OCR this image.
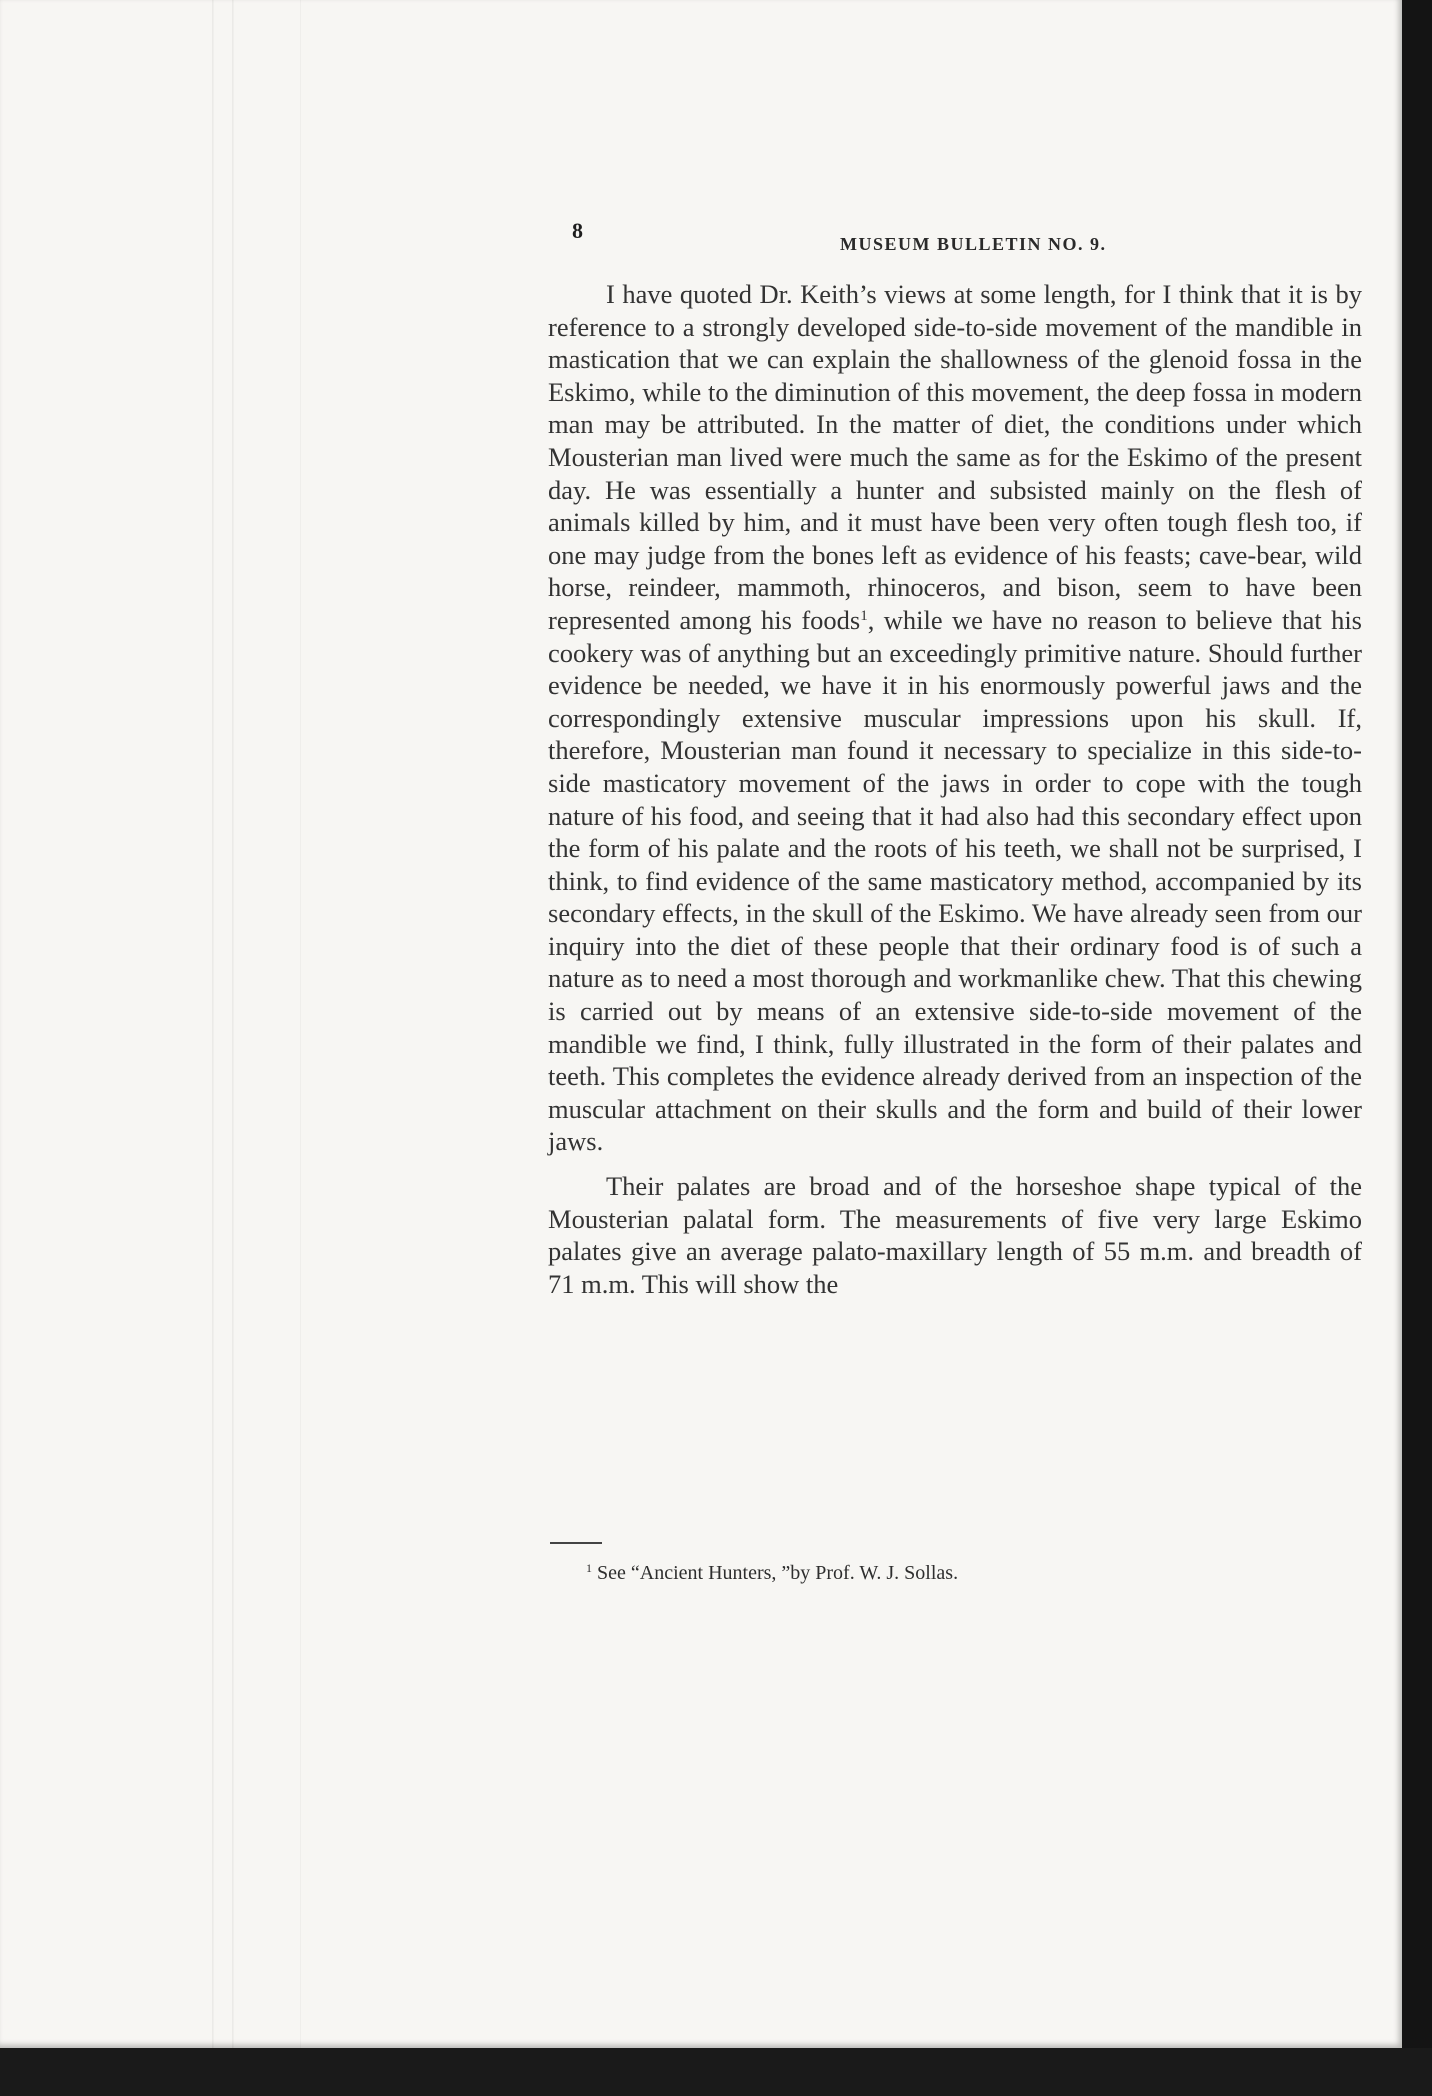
8
MUSEUM BULLETIN NO. 9.

I have quoted Dr. Keith’s views at some length, for I think that it is by reference to a strongly developed side-to-side movement of the mandible in mastication that we can explain the shallowness of the glenoid fossa in the Eskimo, while to the diminution of this movement, the deep fossa in modern man may be attributed. In the matter of diet, the conditions under which Mousterian man lived were much the same as for the Eskimo of the present day. He was essentially a hunter and subsisted mainly on the flesh of animals killed by him, and it must have been very often tough flesh too, if one may judge from the bones left as evidence of his feasts; cave-bear, wild horse, reindeer, mammoth, rhinoceros, and bison, seem to have been represented among his foods$^1$, while we have no reason to believe that his cookery was of anything but an exceedingly primitive nature. Should further evidence be needed, we have it in his enormously powerful jaws and the correspondingly extensive muscular impressions upon his skull. If, therefore, Mousterian man found it necessary to specialize in this side-to-side masticatory movement of the jaws in order to cope with the tough nature of his food, and seeing that it had also had this secondary effect upon the form of his palate and the roots of his teeth, we shall not be surprised, I think, to find evidence of the same masticatory method, accompanied by its secondary effects, in the skull of the Eskimo. We have already seen from our inquiry into the diet of these people that their ordinary food is of such a nature as to need a most thorough and workmanlike chew. That this chewing is carried out by means of an extensive side-to-side movement of the mandible we find, I think, fully illustrated in the form of their palates and teeth. This completes the evidence already derived from an inspection of the muscular attachment on their skulls and the form and build of their lower jaws.

Their palates are broad and of the horseshoe shape typical of the Mousterian palatal form. The measurements of five very large Eskimo palates give an average palato-maxillary length of 55 m.m. and breadth of 71 m.m. This will show the

$^1$ See “Ancient Hunters, ”by Prof. W. J. Sollas.
